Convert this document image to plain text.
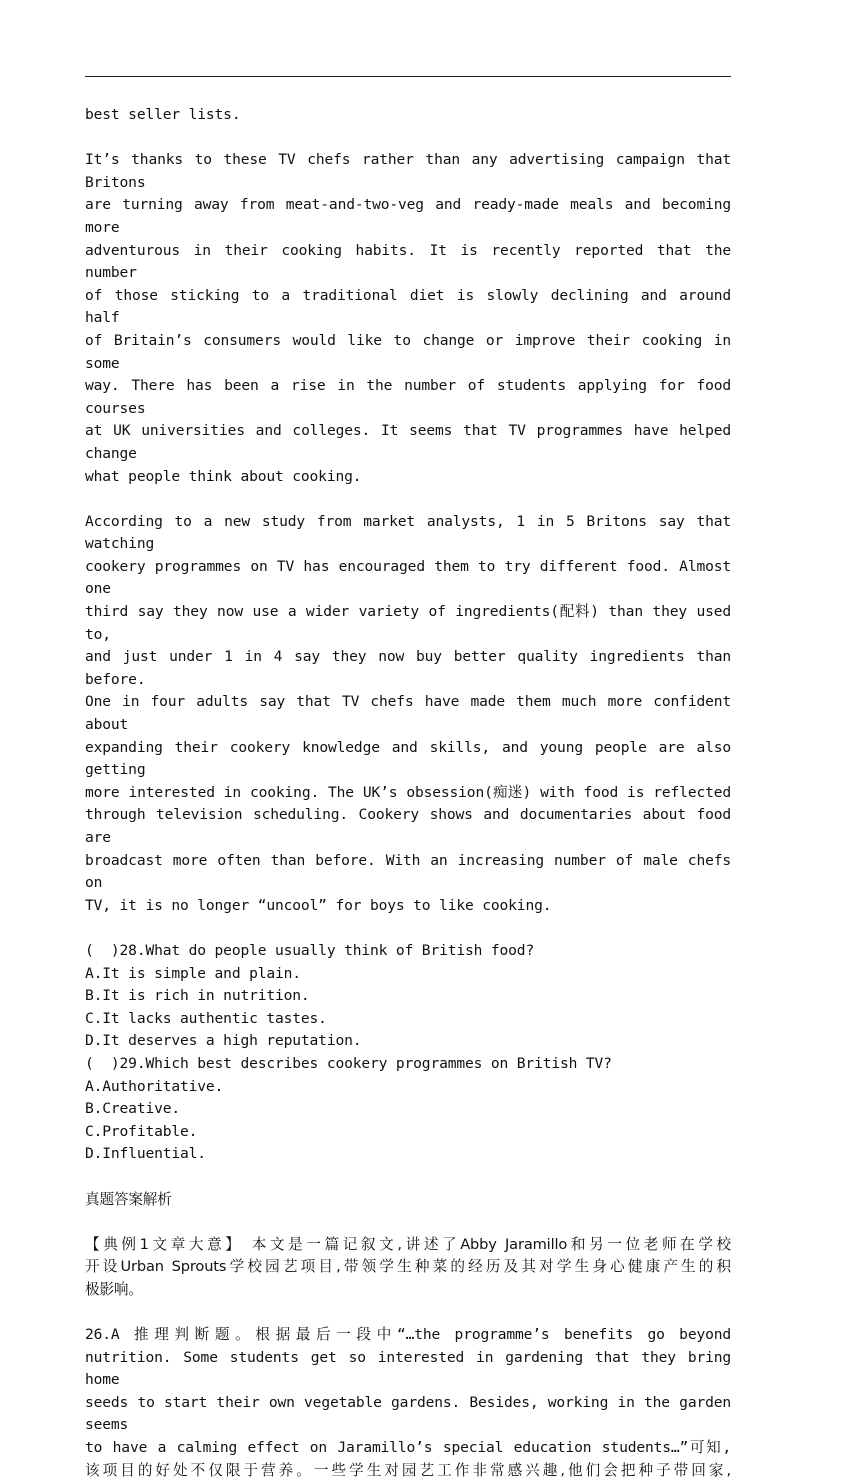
best seller lists.
It’s thanks to these TV chefs rather than any advertising campaign that Britons
are turning away from meat-and-two-veg and ready-made meals and becoming more
adventurous in their cooking habits. It is recently reported that the number
of those sticking to a traditional diet is slowly declining and around half
of Britain’s consumers would like to change or improve their cooking in some
way. There has been a rise in the number of students applying for food courses
at UK universities and colleges. It seems that TV programmes have helped change
what people think about cooking.
According to a new study from market analysts, 1 in 5 Britons say that watching
cookery programmes on TV has encouraged them to try different food. Almost one
third say they now use a wider variety of ingredients(配料) than they used to,
and just under 1 in 4 say they now buy better quality ingredients than before.
One in four adults say that TV chefs have made them much more confident about
expanding their cookery knowledge and skills, and young people are also getting
more interested in cooking. The UK’s obsession(痴迷) with food is reflected
through television scheduling. Cookery shows and documentaries about food are
broadcast more often than before. With an increasing number of male chefs on
TV, it is no longer “uncool” for boys to like cooking.
(  )28.What do people usually think of British food?
A.It is simple and plain.
B.It is rich in nutrition.
C.It lacks authentic tastes.
D.It deserves a high reputation.
(  )29.Which best describes cookery programmes on British TV?
A.Authoritative.
B.Creative.
C.Profitable.
D.Influential.
真题答案解析
【典例1文章大意】 本文是一篇记叙文,讲述了Abby Jaramillo和另一位老师在学校
开设Urban Sprouts学校园艺项目,带领学生种菜的经历及其对学生身心健康产生的积
极影响。
26.A 推理判断题。根据最后一段中“…the programme’s benefits go beyond
nutrition. Some students get so interested in gardening that they bring home
seeds to start their own vegetable gardens. Besides, working in the garden seems
to have a calming effect on Jaramillo’s special education students…”可知,
该项目的好处不仅限于营养。一些学生对园艺工作非常感兴趣,他们会把种子带回家,
